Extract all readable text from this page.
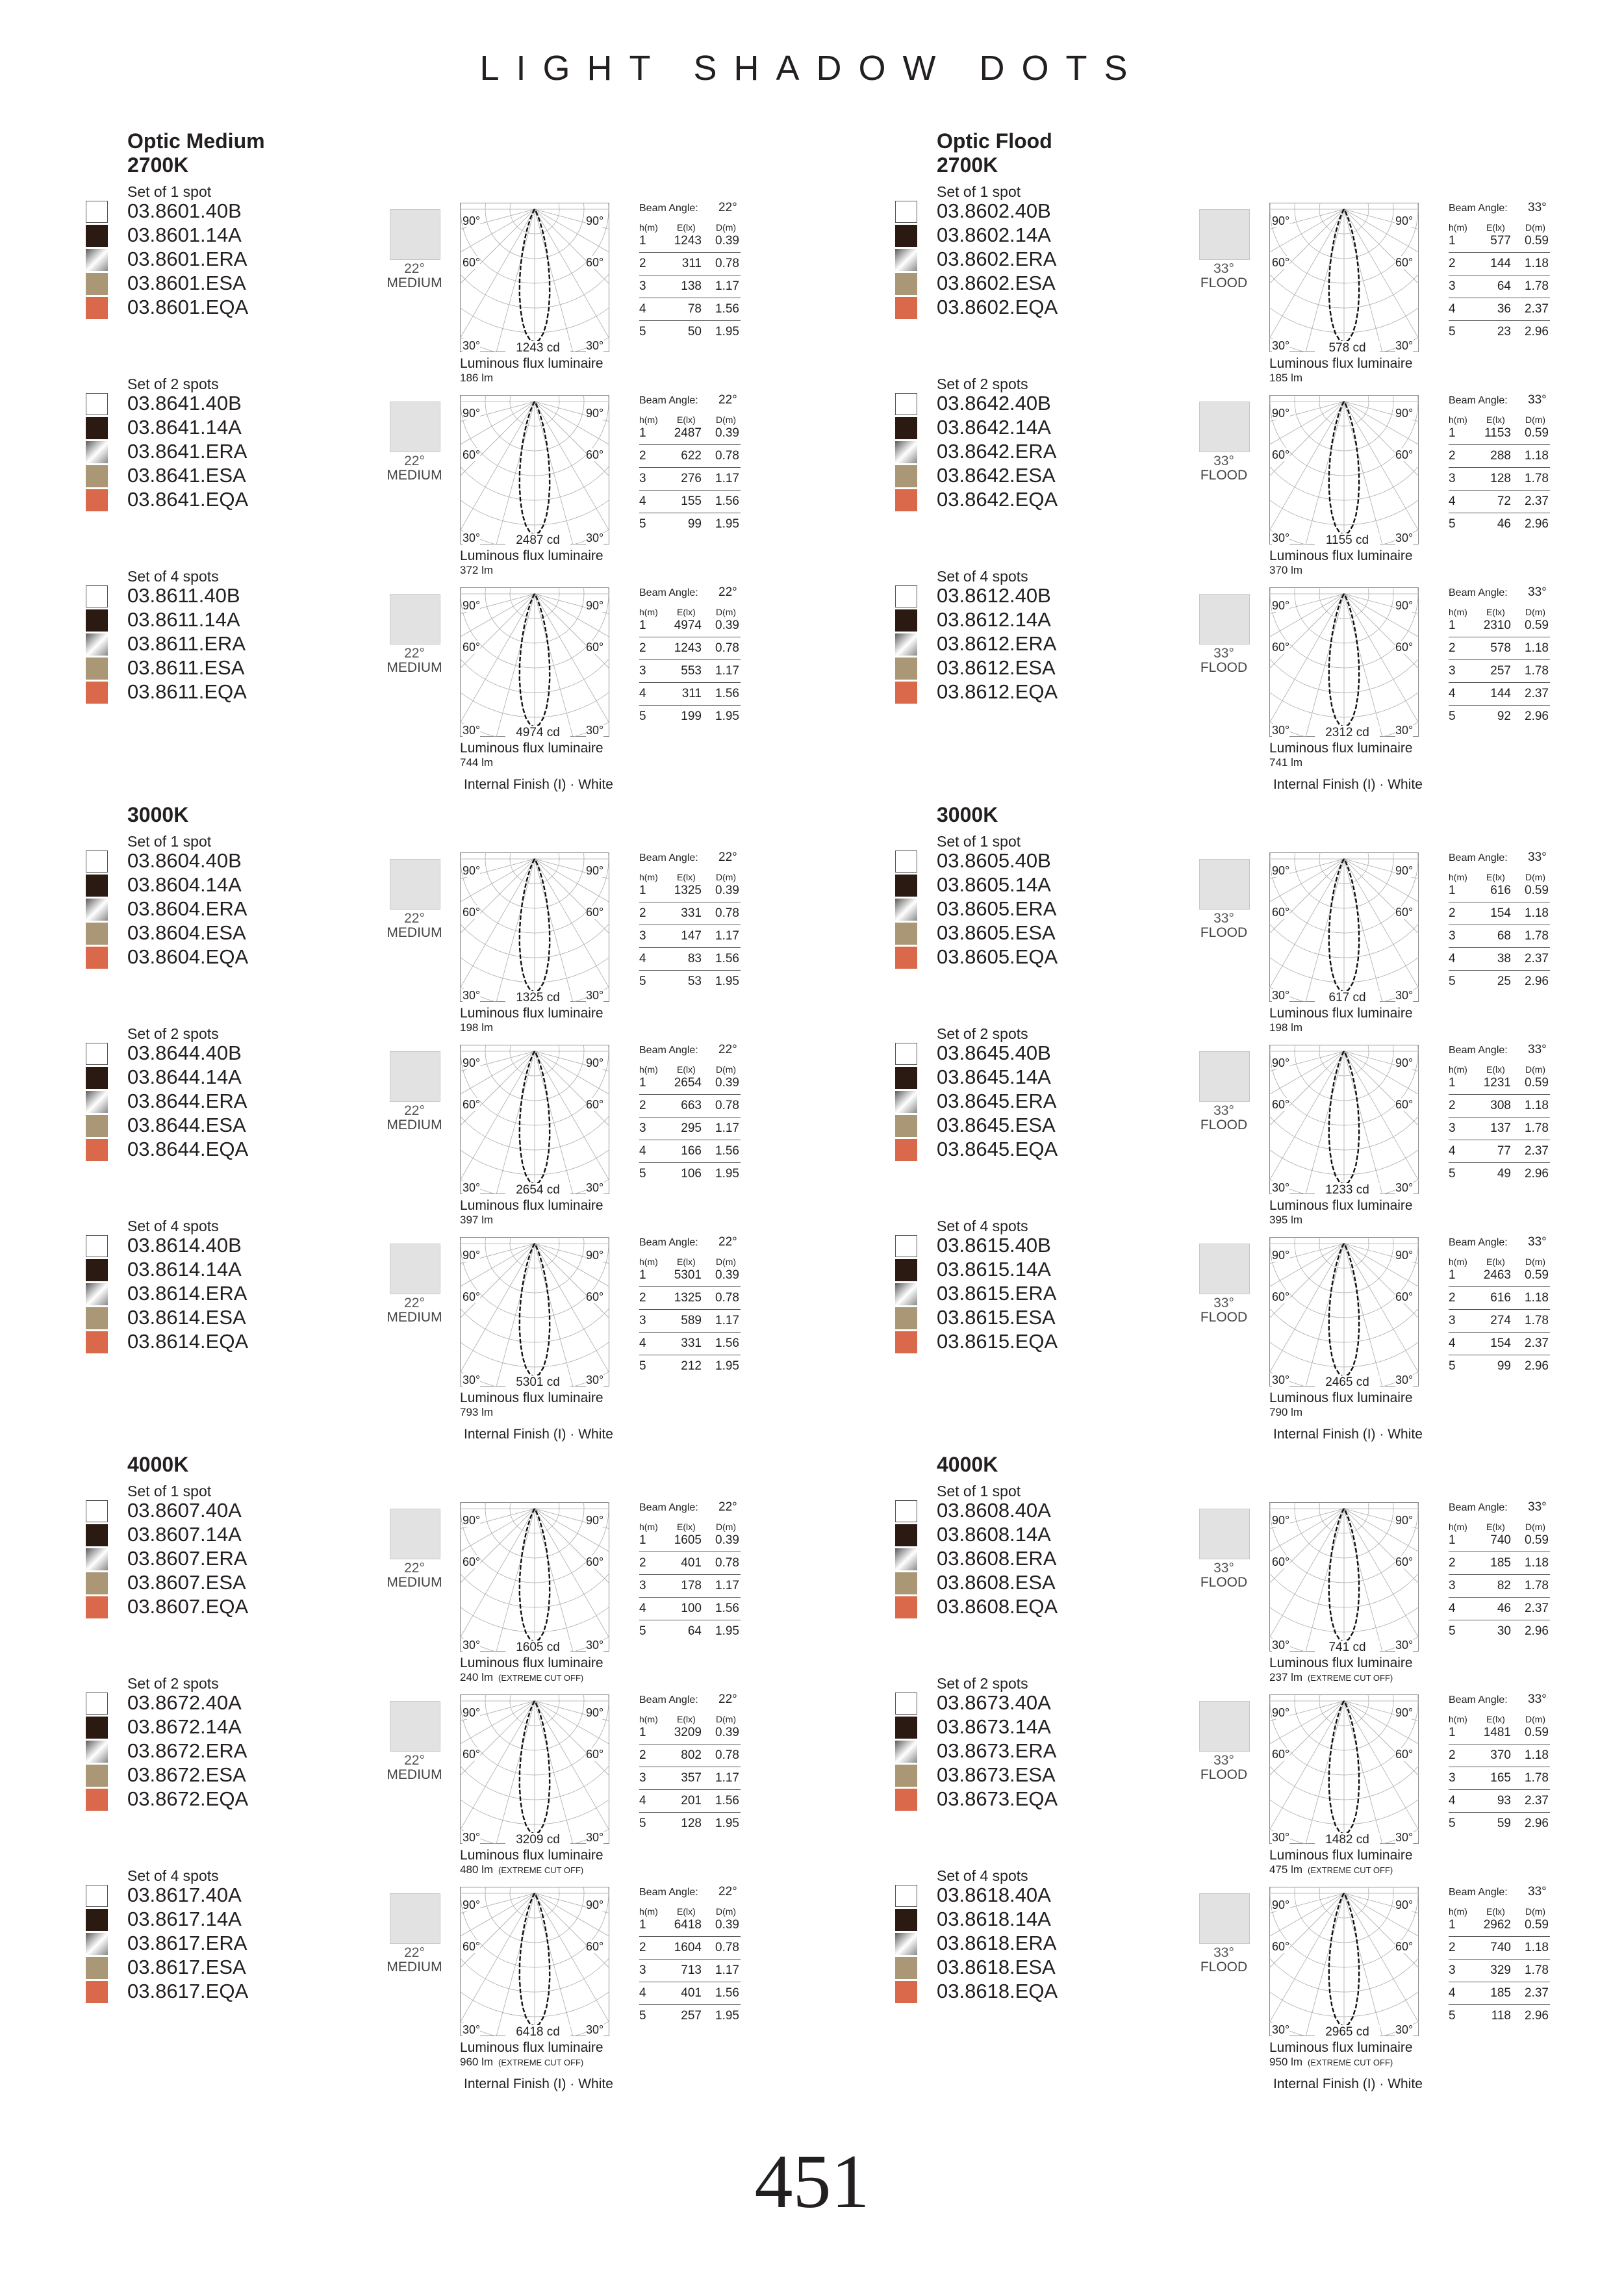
LIGHT SHADOW DOTS
Optic Medium
2700K
Set of 1 spot
03.8601.40B
03.8601.14A
03.8601.ERA
03.8601.ESA
03.8601.EQA
22°
MEDIUM
90°	90°
60°	60°
30°	30°
1243 cd
Luminous flux luminaire
186 lm
Beam Angle: 22°
h(m) E(lx) D(m)
1	1243	0.39
2	311	0.78
3	138	1.17
4	78	1.56
5	50	1.95
Set of 2 spots
03.8641.40B
03.8641.14A
03.8641.ERA
03.8641.ESA
03.8641.EQA
22°
MEDIUM
90°	90°
60°	60°
30°	30°
2487 cd
Luminous flux luminaire
372 lm
Beam Angle: 22°
h(m) E(lx) D(m)
1	2487	0.39
2	622	0.78
3	276	1.17
4	155	1.56
5	99	1.95
Set of 4 spots
03.8611.40B
03.8611.14A
03.8611.ERA
03.8611.ESA
03.8611.EQA
22°
MEDIUM
90°	90°
60°	60°
30°	30°
4974 cd
Luminous flux luminaire
744 lm
Beam Angle: 22°
h(m) E(lx) D(m)
1	4974	0.39
2	1243	0.78
3	553	1.17
4	311	1.56
5	199	1.95
Internal Finish (I) · White
3000K
Set of 1 spot
03.8604.40B
03.8604.14A
03.8604.ERA
03.8604.ESA
03.8604.EQA
22°
MEDIUM
90°	90°
60°	60°
30°	30°
1325 cd
Luminous flux luminaire
198 lm
Beam Angle: 22°
h(m) E(lx) D(m)
1	1325	0.39
2	331	0.78
3	147	1.17
4	83	1.56
5	53	1.95
Set of 2 spots
03.8644.40B
03.8644.14A
03.8644.ERA
03.8644.ESA
03.8644.EQA
22°
MEDIUM
90°	90°
60°	60°
30°	30°
2654 cd
Luminous flux luminaire
397 lm
Beam Angle: 22°
h(m) E(lx) D(m)
1	2654	0.39
2	663	0.78
3	295	1.17
4	166	1.56
5	106	1.95
Set of 4 spots
03.8614.40B
03.8614.14A
03.8614.ERA
03.8614.ESA
03.8614.EQA
22°
MEDIUM
90°	90°
60°	60°
30°	30°
5301 cd
Luminous flux luminaire
793 lm
Beam Angle: 22°
h(m) E(lx) D(m)
1	5301	0.39
2	1325	0.78
3	589	1.17
4	331	1.56
5	212	1.95
Internal Finish (I) · White
4000K
Set of 1 spot
03.8607.40A
03.8607.14A
03.8607.ERA
03.8607.ESA
03.8607.EQA
22°
MEDIUM
90°	90°
60°	60°
30°	30°
1605 cd
Luminous flux luminaire
240 lm (EXTREME CUT OFF)
Beam Angle: 22°
h(m) E(lx) D(m)
1	1605	0.39
2	401	0.78
3	178	1.17
4	100	1.56
5	64	1.95
Set of 2 spots
03.8672.40A
03.8672.14A
03.8672.ERA
03.8672.ESA
03.8672.EQA
22°
MEDIUM
90°	90°
60°	60°
30°	30°
3209 cd
Luminous flux luminaire
480 lm (EXTREME CUT OFF)
Beam Angle: 22°
h(m) E(lx) D(m)
1	3209	0.39
2	802	0.78
3	357	1.17
4	201	1.56
5	128	1.95
Set of 4 spots
03.8617.40A
03.8617.14A
03.8617.ERA
03.8617.ESA
03.8617.EQA
22°
MEDIUM
90°	90°
60°	60°
30°	30°
6418 cd
Luminous flux luminaire
960 lm (EXTREME CUT OFF)
Beam Angle: 22°
h(m) E(lx) D(m)
1	6418	0.39
2	1604	0.78
3	713	1.17
4	401	1.56
5	257	1.95
Internal Finish (I) · White
Optic Flood
2700K
Set of 1 spot
03.8602.40B
03.8602.14A
03.8602.ERA
03.8602.ESA
03.8602.EQA
33°
FLOOD
90°	90°
60°	60°
30°	30°
578 cd
Luminous flux luminaire
185 lm
Beam Angle: 33°
h(m) E(lx) D(m)
1	577	0.59
2	144	1.18
3	64	1.78
4	36	2.37
5	23	2.96
Set of 2 spots
03.8642.40B
03.8642.14A
03.8642.ERA
03.8642.ESA
03.8642.EQA
33°
FLOOD
90°	90°
60°	60°
30°	30°
1155 cd
Luminous flux luminaire
370 lm
Beam Angle: 33°
h(m) E(lx) D(m)
1	1153	0.59
2	288	1.18
3	128	1.78
4	72	2.37
5	46	2.96
Set of 4 spots
03.8612.40B
03.8612.14A
03.8612.ERA
03.8612.ESA
03.8612.EQA
33°
FLOOD
90°	90°
60°	60°
30°	30°
2312 cd
Luminous flux luminaire
741 lm
Beam Angle: 33°
h(m) E(lx) D(m)
1	2310	0.59
2	578	1.18
3	257	1.78
4	144	2.37
5	92	2.96
Internal Finish (I) · White
3000K
Set of 1 spot
03.8605.40B
03.8605.14A
03.8605.ERA
03.8605.ESA
03.8605.EQA
33°
FLOOD
90°	90°
60°	60°
30°	30°
617 cd
Luminous flux luminaire
198 lm
Beam Angle: 33°
h(m) E(lx) D(m)
1	616	0.59
2	154	1.18
3	68	1.78
4	38	2.37
5	25	2.96
Set of 2 spots
03.8645.40B
03.8645.14A
03.8645.ERA
03.8645.ESA
03.8645.EQA
33°
FLOOD
90°	90°
60°	60°
30°	30°
1233 cd
Luminous flux luminaire
395 lm
Beam Angle: 33°
h(m) E(lx) D(m)
1	1231	0.59
2	308	1.18
3	137	1.78
4	77	2.37
5	49	2.96
Set of 4 spots
03.8615.40B
03.8615.14A
03.8615.ERA
03.8615.ESA
03.8615.EQA
33°
FLOOD
90°	90°
60°	60°
30°	30°
2465 cd
Luminous flux luminaire
790 lm
Beam Angle: 33°
h(m) E(lx) D(m)
1	2463	0.59
2	616	1.18
3	274	1.78
4	154	2.37
5	99	2.96
Internal Finish (I) · White
4000K
Set of 1 spot
03.8608.40A
03.8608.14A
03.8608.ERA
03.8608.ESA
03.8608.EQA
33°
FLOOD
90°	90°
60°	60°
30°	30°
741 cd
Luminous flux luminaire
237 lm (EXTREME CUT OFF)
Beam Angle: 33°
h(m) E(lx) D(m)
1	740	0.59
2	185	1.18
3	82	1.78
4	46	2.37
5	30	2.96
Set of 2 spots
03.8673.40A
03.8673.14A
03.8673.ERA
03.8673.ESA
03.8673.EQA
33°
FLOOD
90°	90°
60°	60°
30°	30°
1482 cd
Luminous flux luminaire
475 lm (EXTREME CUT OFF)
Beam Angle: 33°
h(m) E(lx) D(m)
1	1481	0.59
2	370	1.18
3	165	1.78
4	93	2.37
5	59	2.96
Set of 4 spots
03.8618.40A
03.8618.14A
03.8618.ERA
03.8618.ESA
03.8618.EQA
33°
FLOOD
90°	90°
60°	60°
30°	30°
2965 cd
Luminous flux luminaire
950 lm (EXTREME CUT OFF)
Beam Angle: 33°
h(m) E(lx) D(m)
1	2962	0.59
2	740	1.18
3	329	1.78
4	185	2.37
5	118	2.96
Internal Finish (I) · White
451
